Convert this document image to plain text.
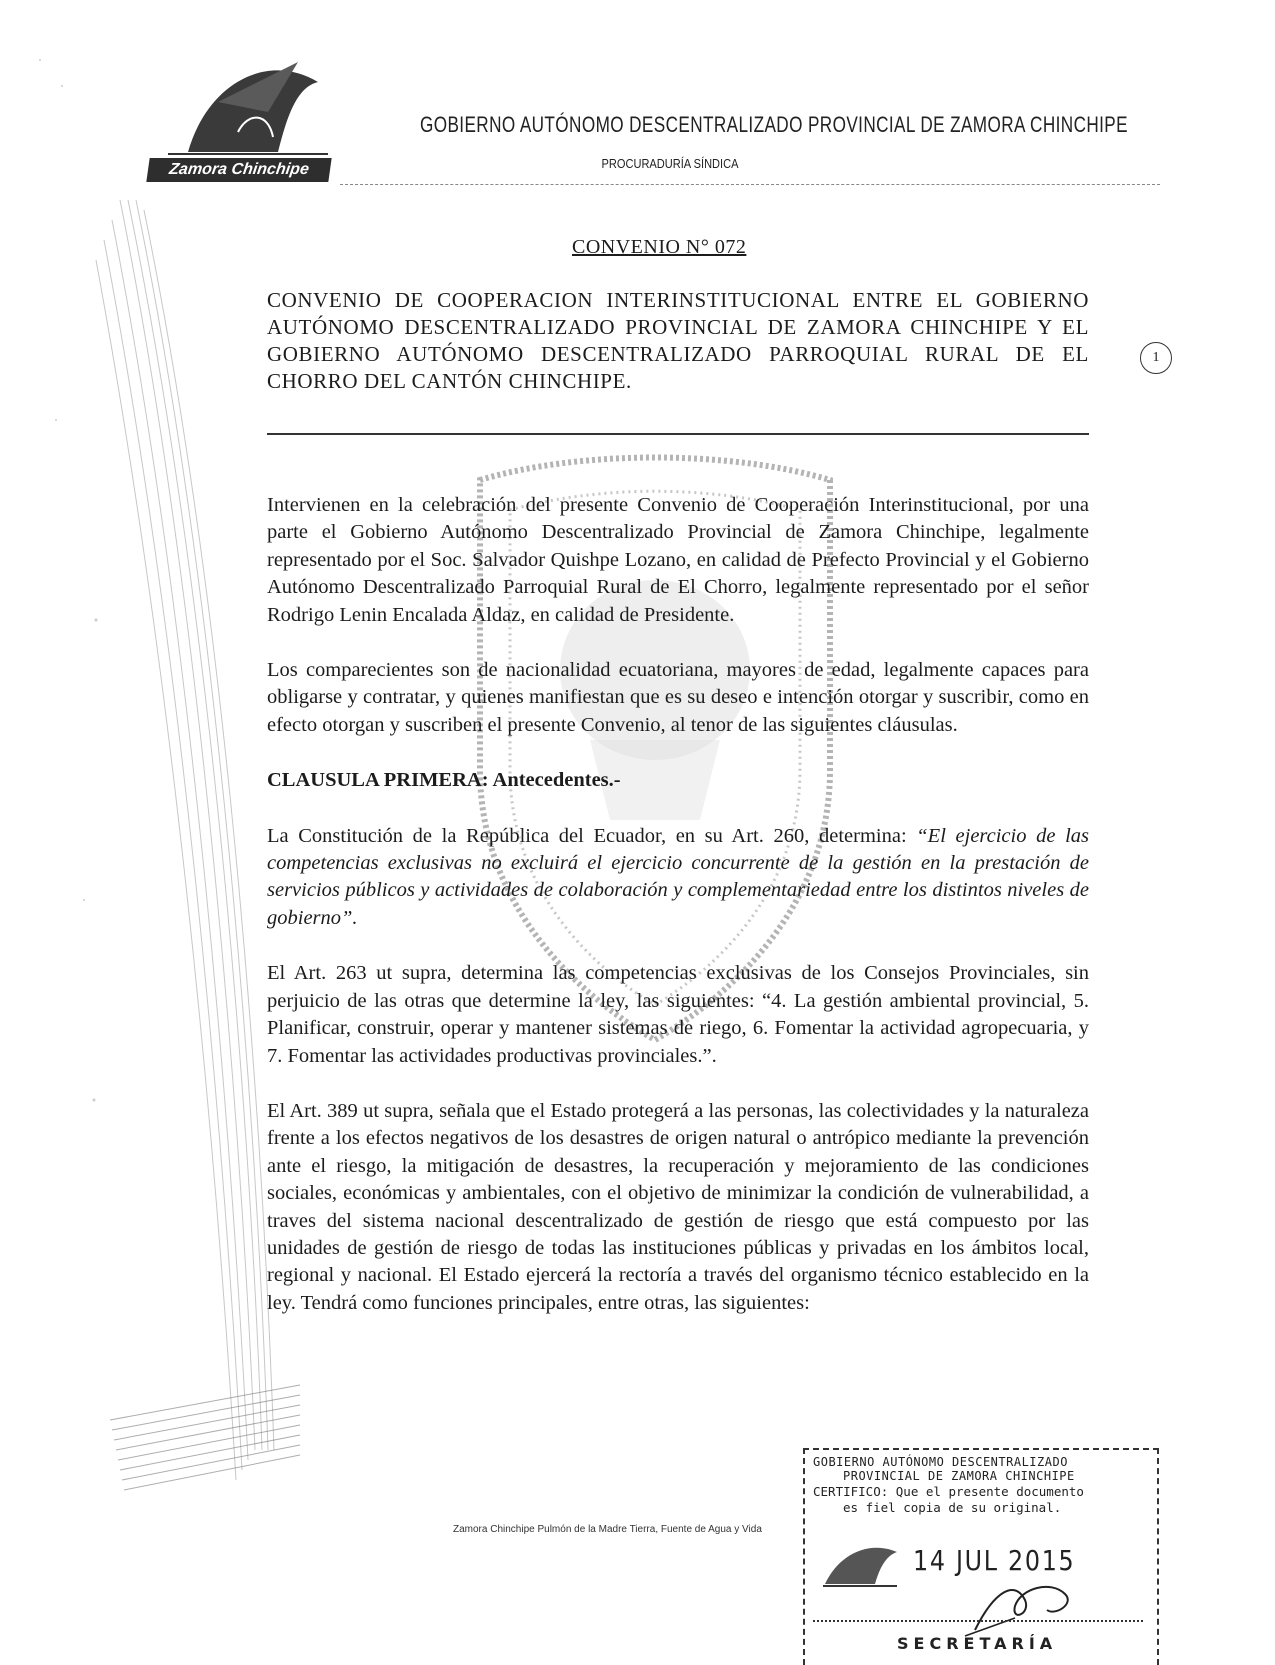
Zamora Chinchipe
GOBIERNO AUTÓNOMO DESCENTRALIZADO PROVINCIAL DE ZAMORA CHINCHIPE
PROCURADURÍA SÍNDICA
CONVENIO N° 072
CONVENIO DE COOPERACION INTERINSTITUCIONAL ENTRE EL GOBIERNO AUTÓNOMO DESCENTRALIZADO PROVINCIAL DE ZAMORA CHINCHIPE Y EL GOBIERNO AUTÓNOMO DESCENTRALIZADO PARROQUIAL RURAL DE EL CHORRO DEL CANTÓN CHINCHIPE.
1

Intervienen en la celebración del presente Convenio de Cooperación Interinstitucional, por una parte el Gobierno Autónomo Descentralizado Provincial de Zamora Chinchipe, legalmente representado por el Soc. Salvador Quishpe Lozano, en calidad de Prefecto Provincial y el Gobierno Autónomo Descentralizado Parroquial Rural de El Chorro, legalmente representado por el señor Rodrigo Lenin Encalada Aldaz, en calidad de Presidente.

Los comparecientes son de nacionalidad ecuatoriana, mayores de edad, legalmente capaces para obligarse y contratar, y quienes manifiestan que es su deseo e intención otorgar y suscribir, como en efecto otorgan y suscriben el presente Convenio, al tenor de las siguientes cláusulas.

CLAUSULA PRIMERA: Antecedentes.-

La Constitución de la República del Ecuador, en su Art. 260, determina: “El ejercicio de las competencias exclusivas no excluirá el ejercicio concurrente de la gestión en la prestación de servicios públicos y actividades de colaboración y complementariedad entre los distintos niveles de gobierno”.

El Art. 263 ut supra, determina las competencias exclusivas de los Consejos Provinciales, sin perjuicio de las otras que determine la ley, las siguientes: “4. La gestión ambiental provincial, 5. Planificar, construir, operar y mantener sistemas de riego, 6. Fomentar la actividad agropecuaria, y 7. Fomentar las actividades productivas provinciales.”.

El Art. 389 ut supra, señala que el Estado protegerá a las personas, las colectividades y la naturaleza frente a los efectos negativos de los desastres de origen natural o antrópico mediante la prevención ante el riesgo, la mitigación de desastres, la recuperación y mejoramiento de las condiciones sociales, económicas y ambientales, con el objetivo de minimizar la condición de vulnerabilidad, a traves del sistema nacional descentralizado de gestión de riesgo que está compuesto por las unidades de gestión de riesgo de todas las instituciones públicas y privadas en los ámbitos local, regional y nacional. El Estado ejercerá la rectoría a través del organismo técnico establecido en la ley. Tendrá como funciones principales, entre otras, las siguientes:

Zamora Chinchipe Pulmón de la Madre Tierra, Fuente de Agua y Vida
GOBIERNO AUTÓNOMO DESCENTRALIZADO
PROVINCIAL DE ZAMORA CHINCHIPE
CERTIFICO: Que el presente documento
es fiel copia de su original.
14 JUL 2015
SECRETARÍA
